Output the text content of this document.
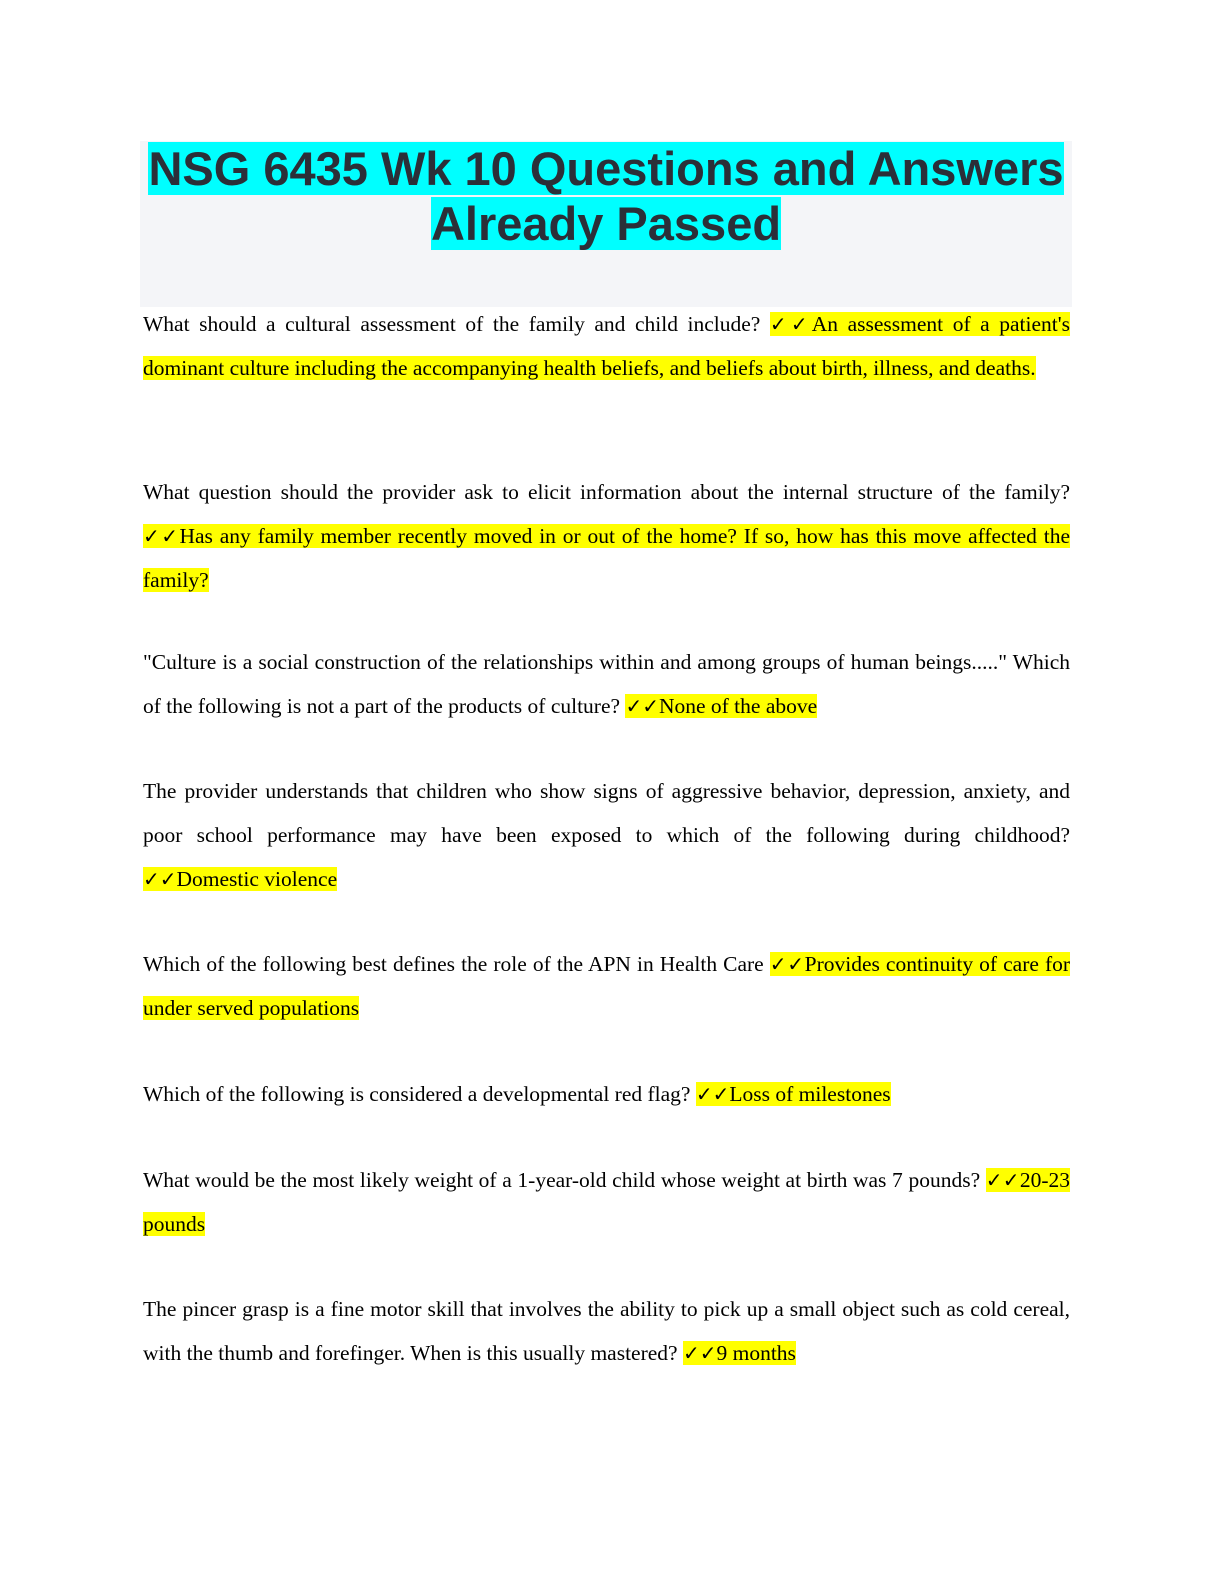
NSG 6435 Wk 10 Questions and Answers
Already Passed

What should a cultural assessment of the family and child include? ✓✓An assessment of a patient's dominant culture including the accompanying health beliefs, and beliefs about birth, illness, and deaths.

What question should the provider ask to elicit information about the internal structure of the family? ✓✓Has any family member recently moved in or out of the home? If so, how has this move affected the family?

"Culture is a social construction of the relationships within and among groups of human beings....." Which of the following is not a part of the products of culture? ✓✓None of the above

The provider understands that children who show signs of aggressive behavior, depression, anxiety, and poor school performance may have been exposed to which of the following during childhood? ✓✓Domestic violence

Which of the following best defines the role of the APN in Health Care ✓✓Provides continuity of care for under served populations

Which of the following is considered a developmental red flag? ✓✓Loss of milestones

What would be the most likely weight of a 1-year-old child whose weight at birth was 7 pounds? ✓✓20-23 pounds

The pincer grasp is a fine motor skill that involves the ability to pick up a small object such as cold cereal, with the thumb and forefinger. When is this usually mastered? ✓✓9 months
